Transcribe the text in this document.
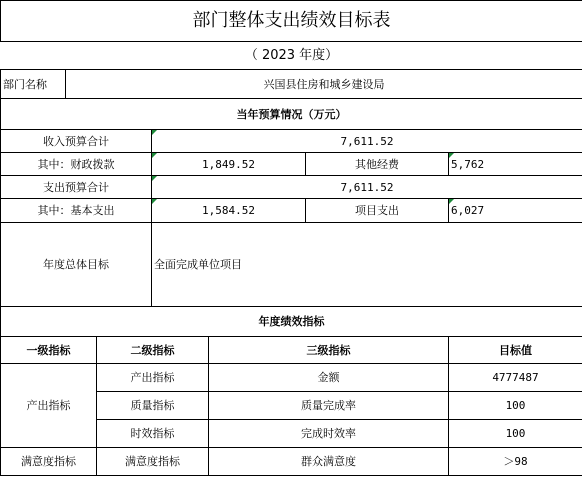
部门整体支出绩效目标表						
（ 2023 年度）						
部门名称	兴国县住房和城乡建设局					
当年预算情况（万元）						
收入预算合计			7,611.52			
其中：财政拨款			1,849.52		其他经费	5,762
支出预算合计			7,611.52			
其中：基本支出			1,584.52		项目支出	6,027
年度总体目标			全面完成单位项目			
年度绩效指标						
一级指标		二级指标		三级指标		目标值
产出指标		产出指标		金额		4777487
		质量指标		质量完成率		100
		时效指标		完成时效率		100
满意度指标		满意度指标		群众满意度		＞98
